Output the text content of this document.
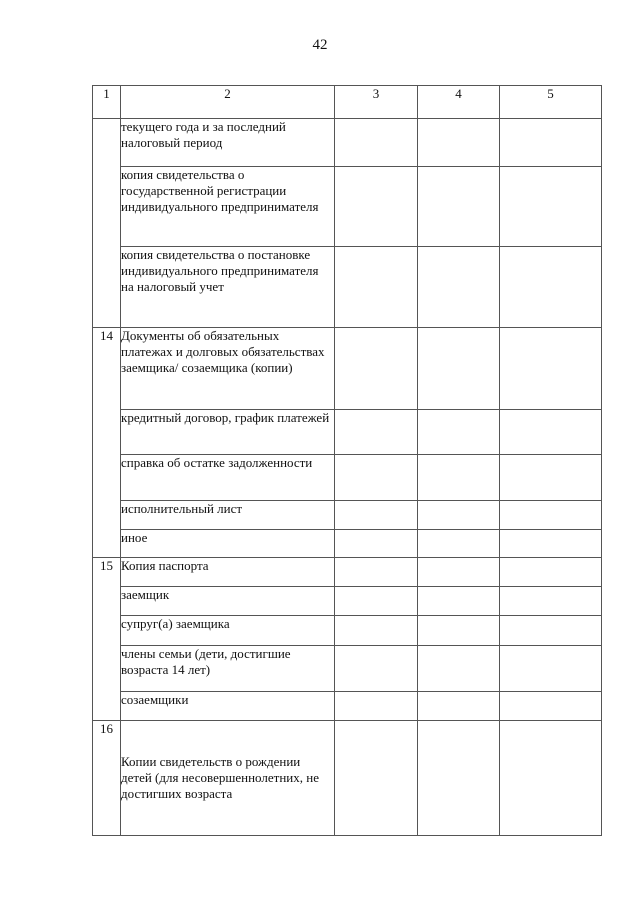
42
1	2	3	4	5

	текущего года и за последний налоговый период			

	копия свидетельства о государственной регистрации индивидуального предпринимателя			

	копия свидетельства о постановке индивидуального предпринимателя на налоговый учет			

14	Документы об обязательных платежах и долговых обязательствах заемщика/ созаемщика (копии)			

	кредитный договор, график платежей			

	справка об остатке задолженности			

	исполнительный лист			

	иное			

15	Копия паспорта			

	заемщик			

	супруг(а) заемщика			

	члены семьи (дети, достигшие возраста 14 лет)			

	созаемщики			

16	Копии свидетельств о рождении детей (для несовершеннолетних, не достигших возраста			
